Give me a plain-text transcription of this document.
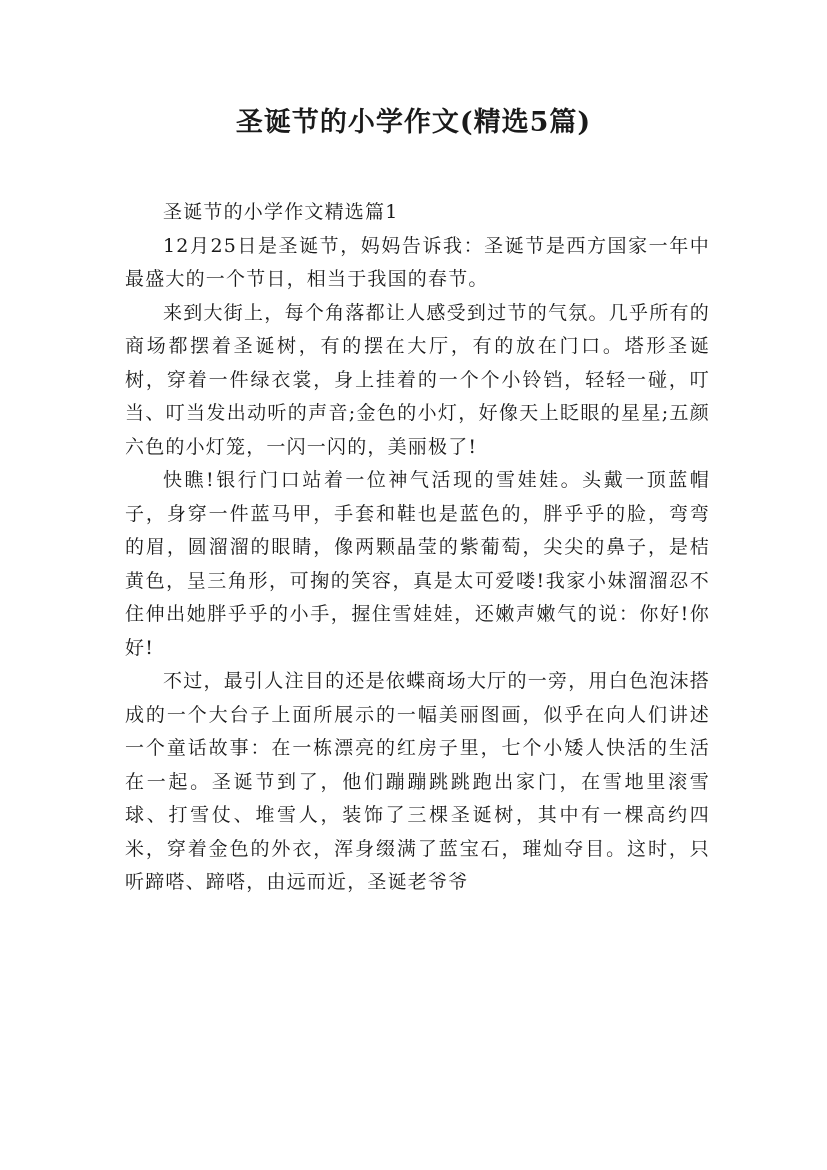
圣诞节的小学作文(精选5篇)

圣诞节的小学作文精选篇1

12月25日是圣诞节，妈妈告诉我：圣诞节是西方国家一年中最盛大的一个节日，相当于我国的春节。

来到大街上，每个角落都让人感受到过节的气氛。几乎所有的商场都摆着圣诞树，有的摆在大厅，有的放在门口。塔形圣诞树，穿着一件绿衣裳，身上挂着的一个个小铃铛，轻轻一碰，叮当、叮当发出动听的声音;金色的小灯，好像天上眨眼的星星;五颜六色的小灯笼，一闪一闪的，美丽极了!

快瞧!银行门口站着一位神气活现的雪娃娃。头戴一顶蓝帽子，身穿一件蓝马甲，手套和鞋也是蓝色的，胖乎乎的脸，弯弯的眉，圆溜溜的眼睛，像两颗晶莹的紫葡萄，尖尖的鼻子，是桔黄色，呈三角形，可掬的笑容，真是太可爱喽!我家小妹溜溜忍不住伸出她胖乎乎的小手，握住雪娃娃，还嫩声嫩气的说：你好!你好!

不过，最引人注目的还是依蝶商场大厅的一旁，用白色泡沫搭成的一个大台子上面所展示的一幅美丽图画，似乎在向人们讲述一个童话故事：在一栋漂亮的红房子里，七个小矮人快活的生活在一起。圣诞节到了，他们蹦蹦跳跳跑出家门，在雪地里滚雪球、打雪仗、堆雪人，装饰了三棵圣诞树，其中有一棵高约四米，穿着金色的外衣，浑身缀满了蓝宝石，璀灿夺目。这时，只听蹄嗒、蹄嗒，由远而近，圣诞老爷爷
